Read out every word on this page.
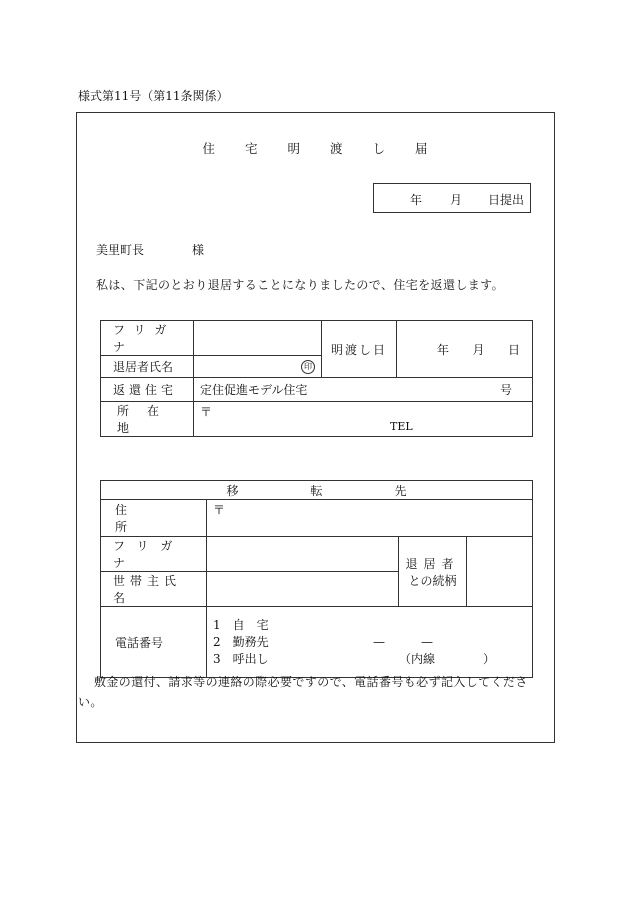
様式第11号（第11条関係）
住 宅 明 渡 し 届
年 月 日提出
美里町長	様
私は、下記のとおり退居することになりましたので、住宅を返還します。
フリガナ		明渡し日	年 月 日

退居者氏名	印		

返還住宅	定住促進モデル住宅 号		

所在地	〒
TEL		
移 転 先			

住所	〒		

フリガナ		退居者
との続柄	

世帯主氏名			

電話番号	1　 自　宅
2　 勤務先 —　　　—
3　 呼出し （内線　　　　）		
敷金の還付、請求等の連絡の際必要ですので、電話番号も必ず記入してください。
